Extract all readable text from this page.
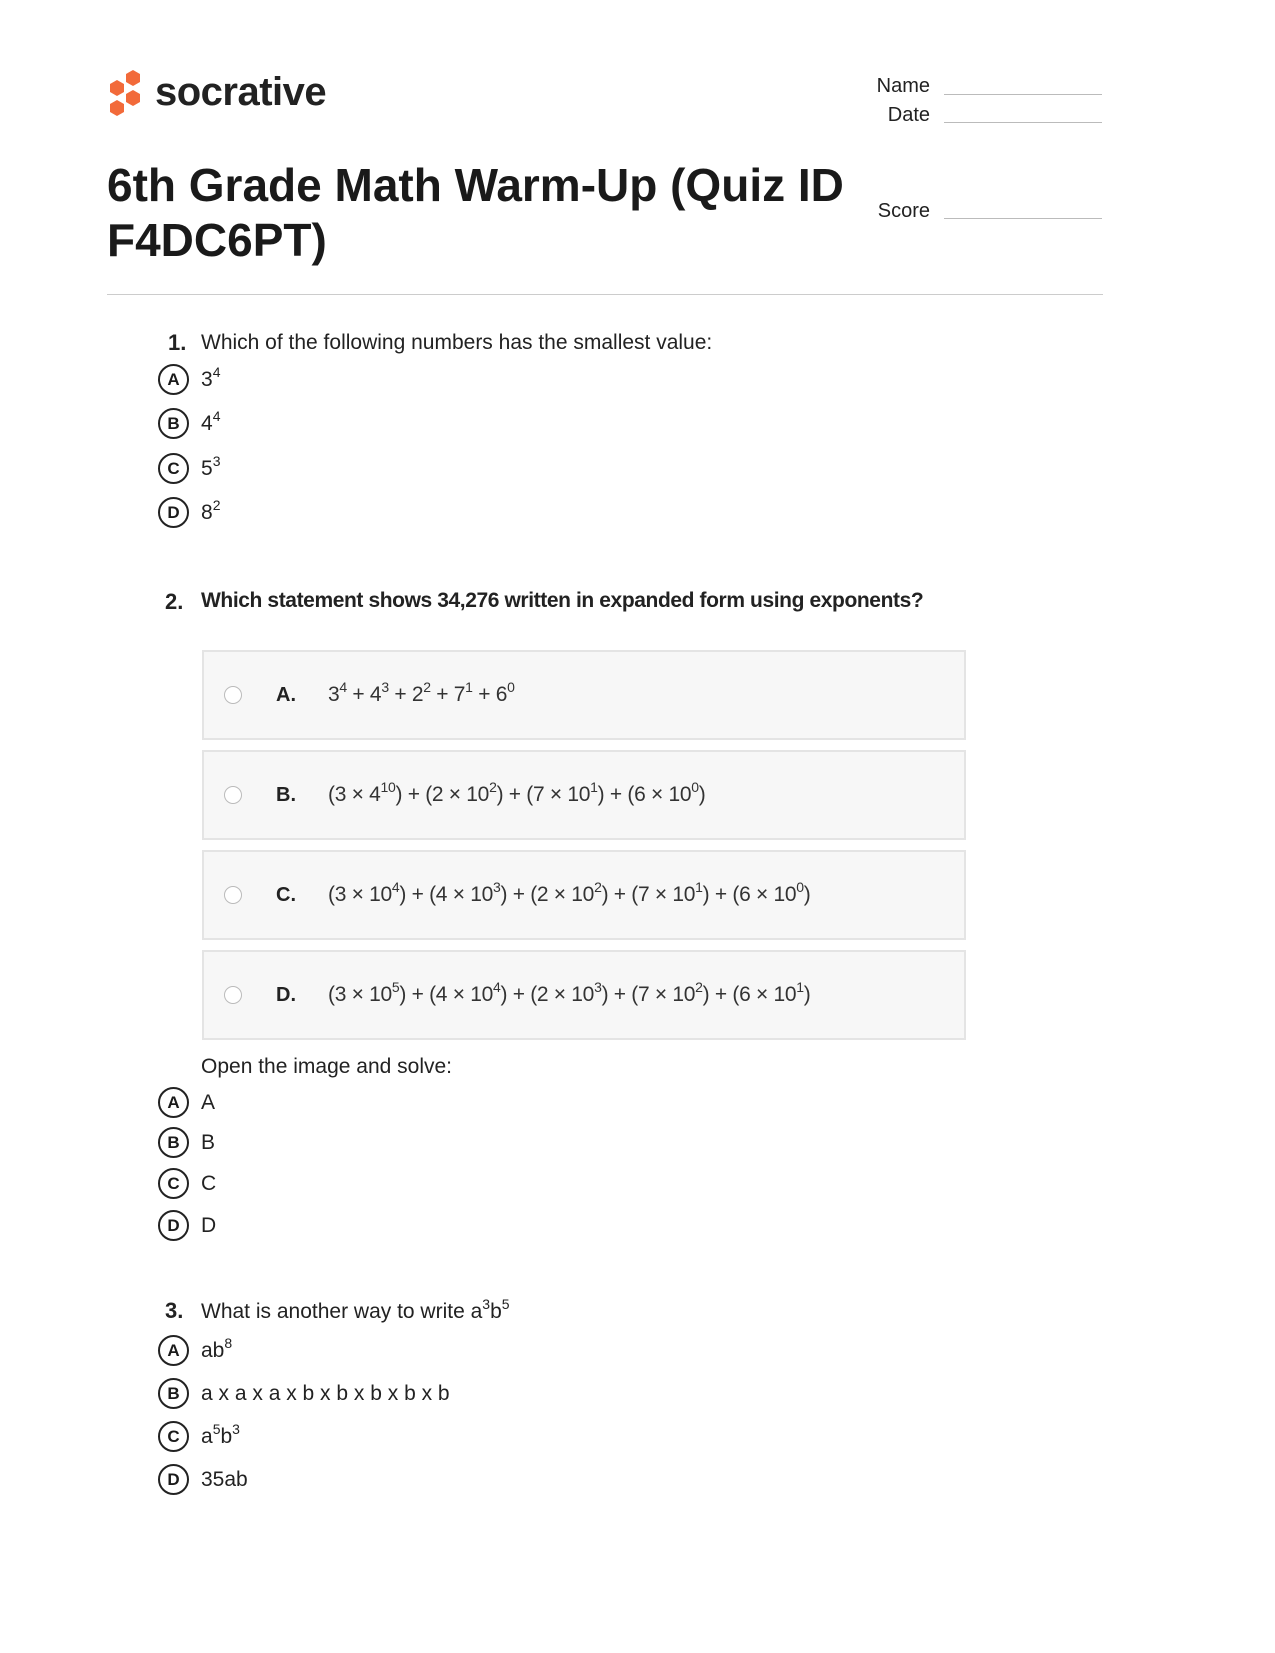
socrative	Name
Date
Score
6th Grade Math Warm-Up (Quiz ID F4DC6PT)
1. Which of the following numbers has the smallest value:
A	$3^4$
B	$4^4$
C	$5^3$
D	$8^2$
2. Which statement shows 34,276 written in expanded form using exponents?
A.	$3^4 + 4^3 + 2^2 + 7^1 + 6^0$
B.	$(3 \times 4^{10}) + (2 \times 10^2) + (7 \times 10^1) + (6 \times 10^0)$
C.	$(3 \times 10^4) + (4 \times 10^3) + (2 \times 10^2) + (7 \times 10^1) + (6 \times 10^0)$
D.	$(3 \times 10^5) + (4 \times 10^4) + (2 \times 10^3) + (7 \times 10^2) + (6 \times 10^1)$
Open the image and solve:
A	A
B	B
C	C
D	D
3. What is another way to write $a^3b^5$
A	$ab^8$
B	a x a x a x b x b x b x b x b
C	$a^5b^3$
D	35ab
